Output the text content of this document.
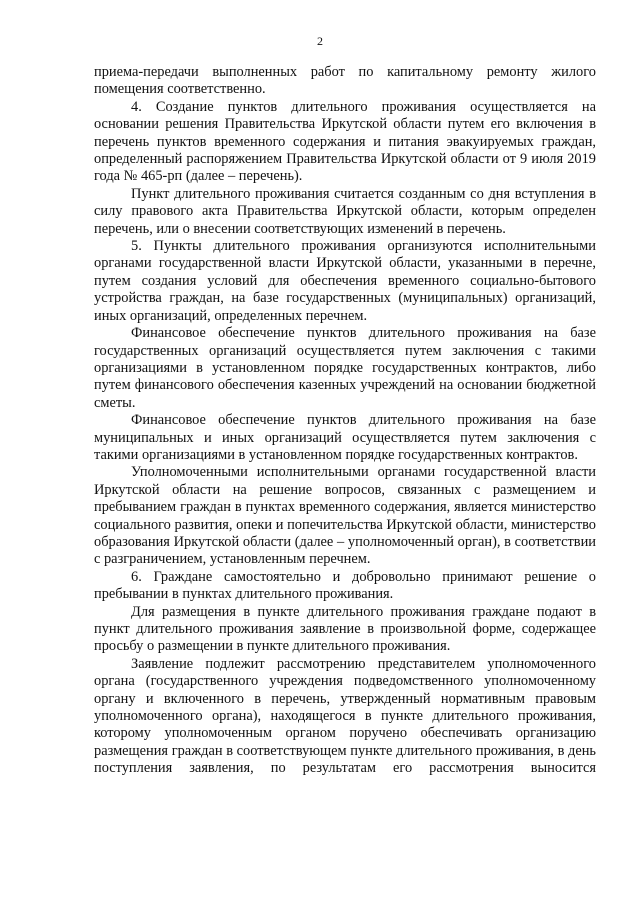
2

приема-передачи выполненных работ по капитальному ремонту жилого помещения соответственно.

4. Создание пунктов длительного проживания осуществляется на основании решения Правительства Иркутской области путем его включения в перечень пунктов временного содержания и питания эвакуируемых граждан, определенный распоряжением Правительства Иркутской области от 9 июля 2019 года № 465-рп (далее – перечень).

Пункт длительного проживания считается созданным со дня вступления в силу правового акта Правительства Иркутской области, которым определен перечень, или о внесении соответствующих изменений в перечень.

5. Пункты длительного проживания организуются исполнительными органами государственной власти Иркутской области, указанными в перечне, путем создания условий для обеспечения временного социально-бытового устройства граждан, на базе государственных (муниципальных) организаций, иных организаций, определенных перечнем.

Финансовое обеспечение пунктов длительного проживания на базе государственных организаций осуществляется путем заключения с такими организациями в установленном порядке государственных контрактов, либо путем финансового обеспечения казенных учреждений на основании бюджетной сметы.

Финансовое обеспечение пунктов длительного проживания на базе муниципальных и иных организаций осуществляется путем заключения с такими организациями в установленном порядке государственных контрактов.

Уполномоченными исполнительными органами государственной власти Иркутской области на решение вопросов, связанных с размещением и пребыванием граждан в пунктах временного содержания, является министерство социального развития, опеки и попечительства Иркутской области, министерство образования Иркутской области (далее – уполномоченный орган), в соответствии с разграничением, установленным перечнем.

6. Граждане самостоятельно и добровольно принимают решение о пребывании в пунктах длительного проживания.

Для размещения в пункте длительного проживания граждане подают в пункт длительного проживания заявление в произвольной форме, содержащее просьбу о размещении в пункте длительного проживания.

Заявление подлежит рассмотрению представителем уполномоченного органа (государственного учреждения подведомственного уполномоченному органу и включенного в перечень, утвержденный нормативным правовым уполномоченного органа), находящегося в пункте длительного проживания, которому уполномоченным органом поручено обеспечивать организацию размещения граждан в соответствующем пункте длительного проживания, в день поступления заявления, по результатам его рассмотрения выносится
